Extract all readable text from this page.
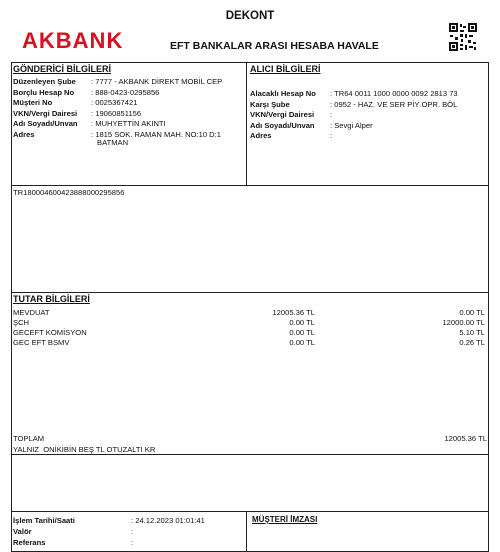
AKBANK
DEKONT
EFT BANKALAR ARASI HESABA HAVALE
GÖNDERİCİ BİLGİLERİ	ALICI BİLGİLERİ
Düzenleyen Şube : 7777 - AKBANK DİREKT MOBİL CEP
Borçlu Hesap No : 888-0423-0295856
Müşteri No	: 0025367421
VKN/Vergi Dairesi : 19060851156
Adı Soyadı/Unvan : MUHYETTİN AKINTI
Adres	: 1815 SOK. RAMAN MAH. NO:10 D:1
BATMAN
Alacaklı Hesap No : TR64 0011 1000 0000 0092 2813 73
Karşı Şube	: 0952 - HAZ. VE SER PİY OPR. BÖL
VKN/Vergi Dairesi :
Adı Soyadı/Unvan : Sevgi Alper
Adres	:
TR180004600423888000295856
TUTAR BİLGİLERİ
MEVDUAT	12005.36 TL	0.00 TL
ŞCH	0.00 TL	12000.00 TL
GECEFT KOMİSYON	0.00 TL	5.10 TL
GEC EFT BSMV	0.00 TL	0.26 TL
TOPLAM	12005.36 TL
YALNIZ  ONİKİBİN BEŞ TL OTUZALTI KR
İşlem Tarihi/Saati	: 24.12.2023 01:01:41
Valör	:
Referans	:
MÜŞTERİ İMZASI
